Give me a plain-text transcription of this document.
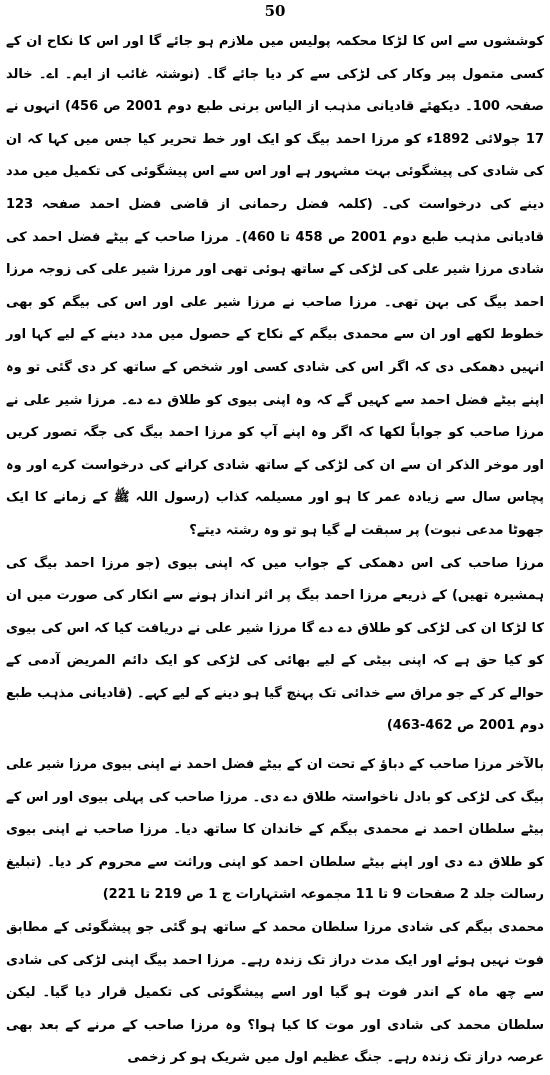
50

کوششوں سے اس کا لڑکا محکمہ پولیس میں ملازم ہو جائے گا اور اس کا نکاح ان کے کسی متمول پیر وکار کی لڑکی سے کر دیا جائے گا۔ (نوشتہ غائب از ایم۔ اے۔ خالد صفحہ 100۔ دیکھئے قادیانی مذہب از الیاس برنی طبع دوم 2001 ص 456) انہوں نے 17 جولائی 1892ء کو مرزا احمد بیگ کو ایک اور خط تحریر کیا جس میں کہا کہ ان کی شادی کی پیشگوئی بہت مشہور ہے اور اس سے اس پیشگوئی کی تکمیل میں مدد دینے کی درخواست کی۔ (کلمہ فضل رحمانی از قاضی فضل احمد صفحہ 123 قادیانی مذہب طبع دوم 2001 ص 458 تا 460)۔ مرزا صاحب کے بیٹے فضل احمد کی شادی مرزا شیر علی کی لڑکی کے ساتھ ہوئی تھی اور مرزا شیر علی کی زوجہ مرزا احمد بیگ کی بہن تھی۔ مرزا صاحب نے مرزا شیر علی اور اس کی بیگم کو بھی خطوط لکھے اور ان سے محمدی بیگم کے نکاح کے حصول میں مدد دینے کے لیے کہا اور انہیں دھمکی دی کہ اگر اس کی شادی کسی اور شخص کے ساتھ کر دی گئی تو وہ اپنے بیٹے فضل احمد سے کہیں گے کہ وہ اپنی بیوی کو طلاق دے دے۔ مرزا شیر علی نے مرزا صاحب کو جواباً لکھا کہ اگر وہ اپنے آپ کو مرزا احمد بیگ کی جگہ تصور کریں اور موخر الذکر ان سے ان کی لڑکی کے ساتھ شادی کرانے کی درخواست کرے اور وہ پچاس سال سے زیادہ عمر کا ہو اور مسیلمہ کذاب (رسول اللہ ﷺ کے زمانے کا ایک جھوٹا مدعی نبوت) پر سبقت لے گیا ہو تو وہ رشتہ دیتے؟

مرزا صاحب کی اس دھمکی کے جواب میں کہ اپنی بیوی (جو مرزا احمد بیگ کی ہمشیرہ تھیں) کے ذریعے مرزا احمد بیگ پر اثر انداز ہونے سے انکار کی صورت میں ان کا لڑکا ان کی لڑکی کو طلاق دے دے گا مرزا شیر علی نے دریافت کیا کہ اس کی بیوی کو کیا حق ہے کہ اپنی بیٹی کے لیے بھائی کی لڑکی کو ایک دائم المریض آدمی کے حوالے کر کے جو مراق سے خدائی تک پہنچ گیا ہو دینے کے لیے کہے۔ (قادیانی مذہب طبع دوم 2001 ص 462-463)

بالآخر مرزا صاحب کے دباؤ کے تحت ان کے بیٹے فضل احمد نے اپنی بیوی مرزا شیر علی بیگ کی لڑکی کو بادل ناخواستہ طلاق دے دی۔ مرزا صاحب کی پہلی بیوی اور اس کے بیٹے سلطان احمد نے محمدی بیگم کے خاندان کا ساتھ دیا۔ مرزا صاحب نے اپنی بیوی کو طلاق دے دی اور اپنے بیٹے سلطان احمد کو اپنی وراثت سے محروم کر دیا۔ (تبلیغ رسالت جلد 2 صفحات 9 تا 11 مجموعہ اشتہارات ج 1 ص 219 تا 221)

محمدی بیگم کی شادی مرزا سلطان محمد کے ساتھ ہو گئی جو پیشگوئی کے مطابق فوت نہیں ہوئے اور ایک مدت دراز تک زندہ رہے۔ مرزا احمد بیگ اپنی لڑکی کی شادی سے چھ ماہ کے اندر فوت ہو گیا اور اسے پیشگوئی کی تکمیل قرار دیا گیا۔ لیکن سلطان محمد کی شادی اور موت کا کیا ہوا؟ وہ مرزا صاحب کے مرنے کے بعد بھی عرصہ دراز تک زندہ رہے۔ جنگ عظیم اول میں شریک ہو کر زخمی
